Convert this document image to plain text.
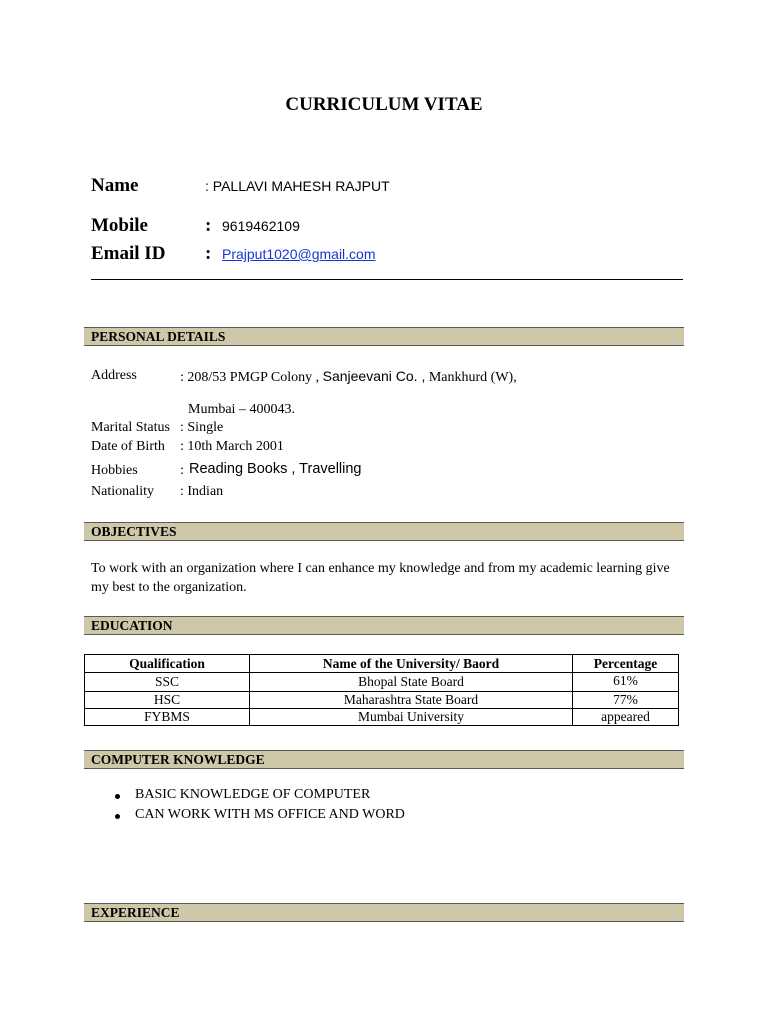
CURRICULUM VITAE
Name	: PALLAVI MAHESH RAJPUT
Mobile	: 9619462109
Email ID : Prajput1020@gmail.com
PERSONAL DETAILS
Address	: 208/53 PMGP Colony , Sanjeevani Co. , Mankhurd (W),
Mumbai – 400043.
Marital Status : Single
Date of Birth : 10th March 2001
Hobbies	: Reading Books , Travelling
Nationality : Indian
OBJECTIVES
To work with an organization where I can enhance my knowledge and from my academic learning give
my best to the organization.
EDUCATION
Qualification	Name of the University/ Baord	Percentage
SSC	Bhopal State Board	61%
HSC	Maharashtra State Board	77%
FYBMS	Mumbai University	appeared
COMPUTER KNOWLEDGE
BASIC KNOWLEDGE OF COMPUTER
CAN WORK WITH MS OFFICE AND WORD
EXPERIENCE
